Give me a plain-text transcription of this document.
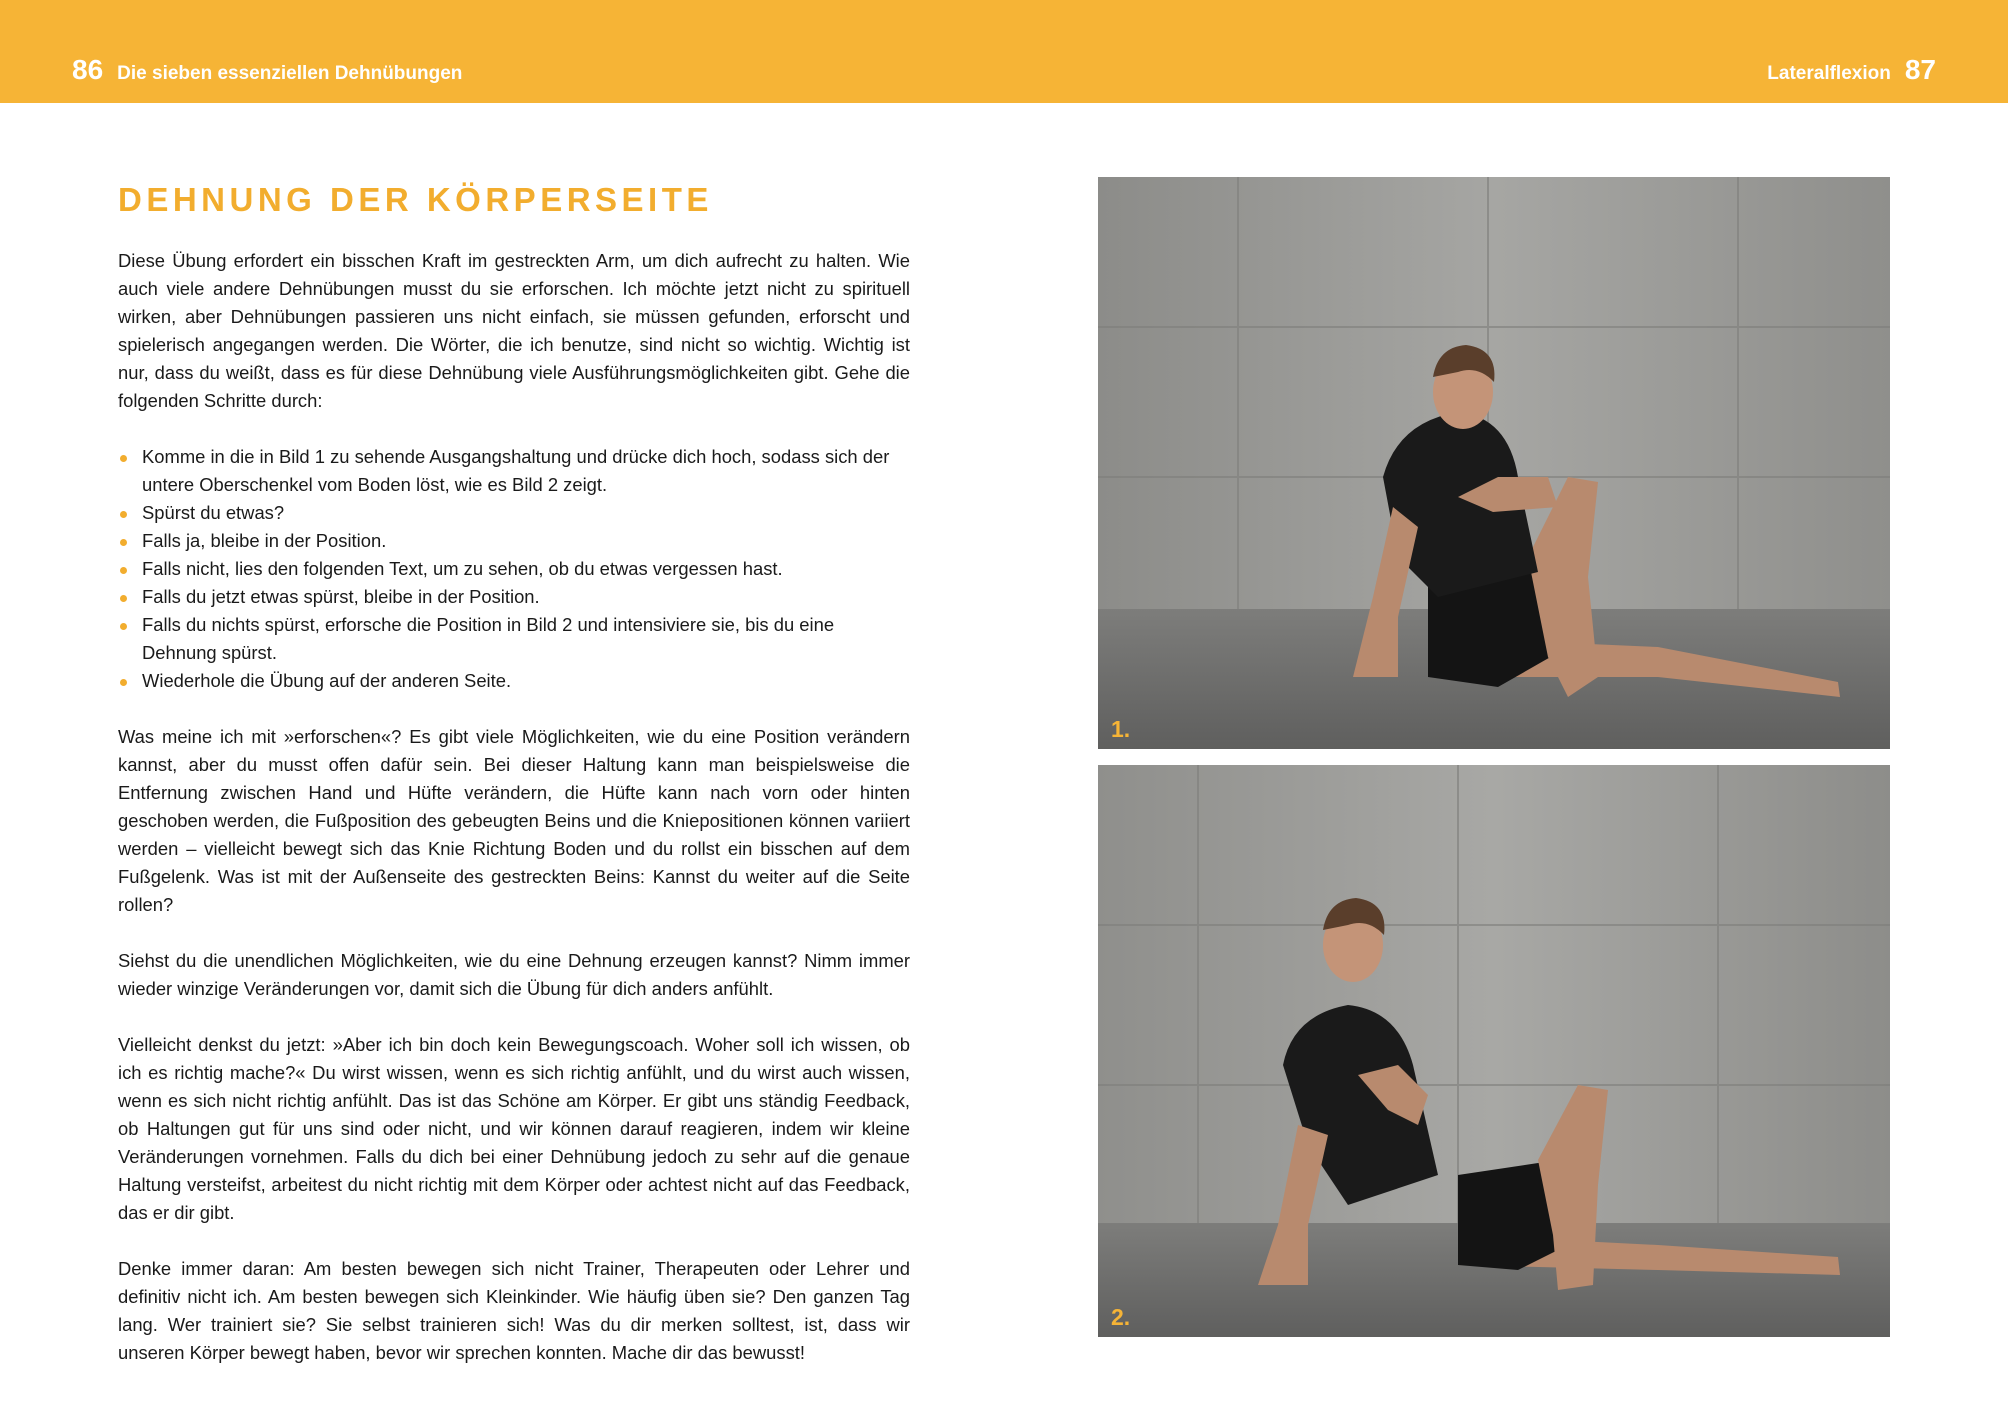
86 Die sieben essenziellen Dehnübungen	Lateralflexion 87
DEHNUNG DER KÖRPERSEITE

Diese Übung erfordert ein bisschen Kraft im gestreckten Arm, um dich aufrecht zu halten. Wie auch viele andere Dehnübungen musst du sie erforschen. Ich möchte jetzt nicht zu spirituell wirken, aber Dehnübungen passieren uns nicht einfach, sie müssen gefunden, erforscht und spielerisch angegangen werden. Die Wörter, die ich benutze, sind nicht so wichtig. Wichtig ist nur, dass du weißt, dass es für diese Dehnübung viele Ausführungsmöglichkeiten gibt. Gehe die folgenden Schritte durch:

Komme in die in Bild 1 zu sehende Ausgangshaltung und drücke dich hoch, sodass sich der untere Oberschenkel vom Boden löst, wie es Bild 2 zeigt.
Spürst du etwas?
Falls ja, bleibe in der Position.
Falls nicht, lies den folgenden Text, um zu sehen, ob du etwas vergessen hast.
Falls du jetzt etwas spürst, bleibe in der Position.
Falls du nichts spürst, erforsche die Position in Bild 2 und intensiviere sie, bis du eine Dehnung spürst.
Wiederhole die Übung auf der anderen Seite.

Was meine ich mit »erforschen«? Es gibt viele Möglichkeiten, wie du eine Position verändern kannst, aber du musst offen dafür sein. Bei dieser Haltung kann man beispielsweise die Entfernung zwischen Hand und Hüfte verändern, die Hüfte kann nach vorn oder hinten geschoben werden, die Fußposition des gebeugten Beins und die Kniepositionen können variiert werden – vielleicht bewegt sich das Knie Richtung Boden und du rollst ein bisschen auf dem Fußgelenk. Was ist mit der Außenseite des gestreckten Beins: Kannst du weiter auf die Seite rollen?

Siehst du die unendlichen Möglichkeiten, wie du eine Dehnung erzeugen kannst? Nimm immer wieder winzige Veränderungen vor, damit sich die Übung für dich anders anfühlt.

Vielleicht denkst du jetzt: »Aber ich bin doch kein Bewegungscoach. Woher soll ich wissen, ob ich es richtig mache?« Du wirst wissen, wenn es sich richtig anfühlt, und du wirst auch wissen, wenn es sich nicht richtig anfühlt. Das ist das Schöne am Körper. Er gibt uns ständig Feedback, ob Haltungen gut für uns sind oder nicht, und wir können darauf reagieren, indem wir kleine Veränderungen vornehmen. Falls du dich bei einer Dehnübung jedoch zu sehr auf die genaue Haltung versteifst, arbeitest du nicht richtig mit dem Körper oder achtest nicht auf das Feedback, das er dir gibt.

Denke immer daran: Am besten bewegen sich nicht Trainer, Therapeuten oder Lehrer und definitiv nicht ich. Am besten bewegen sich Kleinkinder. Wie häufig üben sie? Den ganzen Tag lang. Wer trainiert sie? Sie selbst trainieren sich! Was du dir merken solltest, ist, dass wir unseren Körper bewegt haben, bevor wir sprechen konnten. Mache dir das bewusst!

1.
2.
